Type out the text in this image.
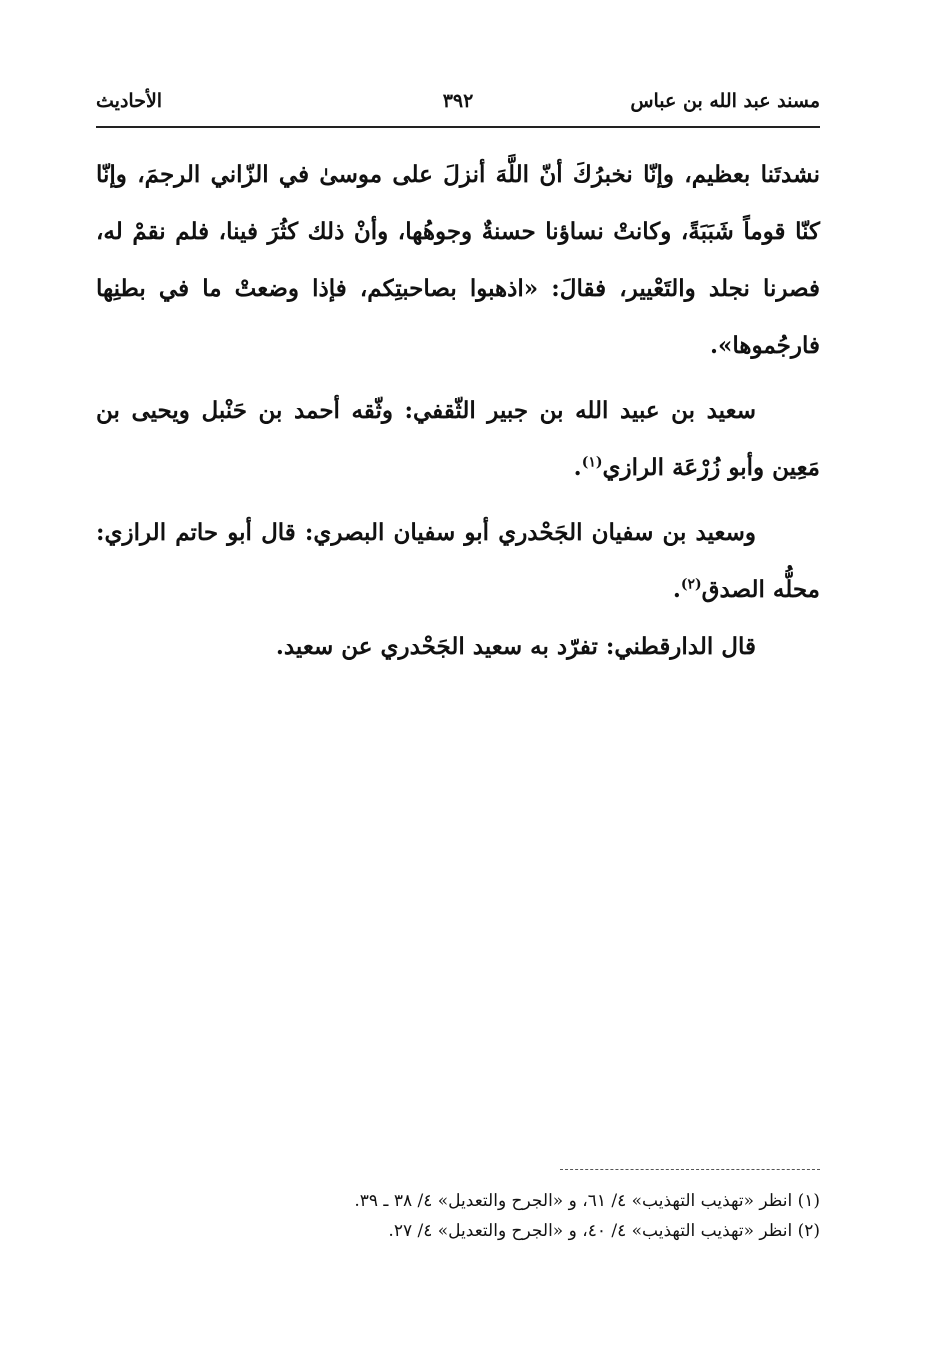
مسند عبد الله بن عباس
٣٩٢
الأحاديث

نشدتَنا بعظيم، وإنّا نخبرُكَ أنّ اللَّهَ أنزلَ على موسىٰ في الزّاني الرجمَ، وإنّا كنّا قوماً شَبَبَةً، وكانتْ نساؤنا حسنةٌ وجوهُها، وأنْ ذلك كثُرَ فينا، فلم نقمْ له، فصرنا نجلد والتَعْيير، فقالَ: «اذهبوا بصاحبتِكم، فإذا وضعتْ ما في بطنِها فارجُموها».

سعيد بن عبيد الله بن جبير الثّقفي: وثّقه أحمد بن حَنْبل ويحيى بن مَعِين وأبو زُرْعَة الرازي$^{(١)}$.

وسعيد بن سفيان الجَحْدري أبو سفيان البصري: قال أبو حاتم الرازي: محلُّه الصدق$^{(٢)}$.

قال الدارقطني: تفرّد به سعيد الجَحْدري عن سعيد.

(١) انظر «تهذيب التهذيب» ٤/ ٦١، و «الجرح والتعديل» ٤/ ٣٨ ـ ٣٩.

(٢) انظر «تهذيب التهذيب» ٤/ ٤٠، و «الجرح والتعديل» ٤/ ٢٧.
